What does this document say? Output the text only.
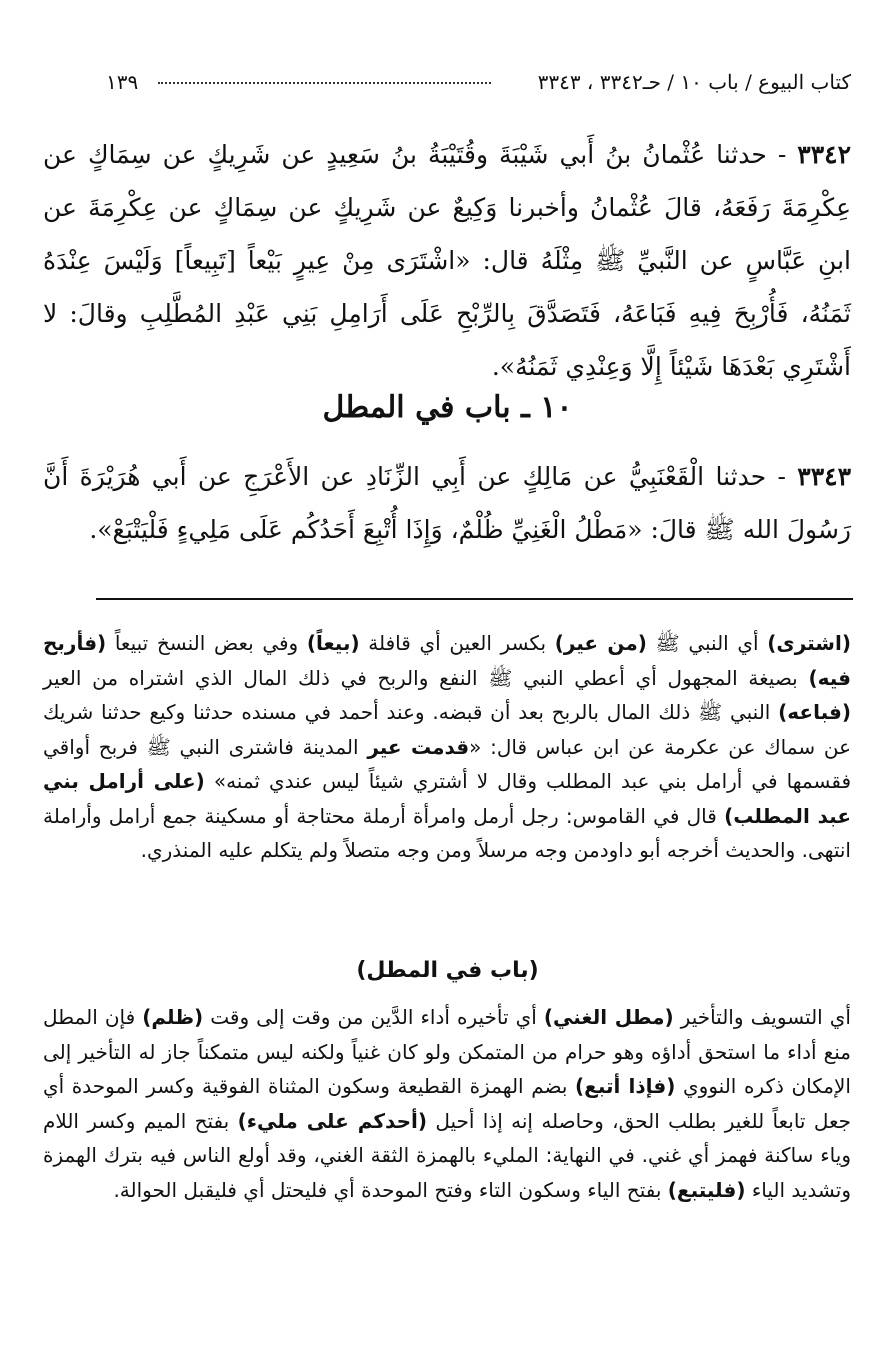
كتاب البيوع / باب ١٠ / حـ٣٣٤٢ ، ٣٣٤٣
١٣٩
٣٣٤٢ - حدثنا عُثْمانُ بنُ أَبي شَيْبَةَ وقُتَيْبَةُ بنُ سَعِيدٍ عن شَرِيكٍ عن سِمَاكٍ عن عِكْرِمَةَ رَفَعَهُ، قالَ عُثْمانُ وأخبرنا وَكِيعٌ عن شَرِيكٍ عن سِمَاكٍ عن عِكْرِمَةَ عن ابنِ عَبَّاسٍ عن النَّبيِّ ﷺ مِثْلَهُ قال: «اشْتَرَى مِنْ عِيرٍ بَيْعاً [تَبِيعاً] وَلَيْسَ عِنْدَهُ ثَمَنُهُ، فَأُرْبِحَ فِيهِ فَبَاعَهُ، فَتَصَدَّقَ بِالرِّبْحِ عَلَى أَرَامِلِ بَنِي عَبْدِ المُطَّلِبِ وقالَ: لا أَشْتَرِي بَعْدَهَا شَيْئاً إِلَّا وَعِنْدِي ثَمَنُهُ».
١٠ ـ باب في المطل
٣٣٤٣ - حدثنا الْقَعْنَبِيُّ عن مَالِكٍ عن أَبِي الزِّنَادِ عن الأَعْرَجِ عن أَبي هُرَيْرَةَ أَنَّ رَسُولَ الله ﷺ قالَ: «مَطْلُ الْغَنِيِّ ظُلْمٌ، وَإِذَا أُتْبِعَ أَحَدُكُم عَلَى مَلِيءٍ فَلْيَتْبَعْ».
(اشترى) أي النبي ﷺ (من عير) بكسر العين أي قافلة (بيعاً) وفي بعض النسخ تبيعاً (فأربح فيه) بصيغة المجهول أي أعطي النبي ﷺ النفع والربح في ذلك المال الذي اشتراه من العير (فباعه) النبي ﷺ ذلك المال بالربح بعد أن قبضه. وعند أحمد في مسنده حدثنا وكيع حدثنا شريك عن سماك عن عكرمة عن ابن عباس قال: «قدمت عير المدينة فاشترى النبي ﷺ فربح أواقي فقسمها في أرامل بني عبد المطلب وقال لا أشتري شيئاً ليس عندي ثمنه» (على أرامل بني عبد المطلب) قال في القاموس: رجل أرمل وامرأة أرملة محتاجة أو مسكينة جمع أرامل وأراملة انتهى. والحديث أخرجه أبو داودمن وجه مرسلاً ومن وجه متصلاً ولم يتكلم عليه المنذري.
(باب في المطل)
أي التسويف والتأخير (مطل الغني) أي تأخيره أداء الدَّين من وقت إلى وقت (ظلم) فإن المطل منع أداء ما استحق أداؤه وهو حرام من المتمكن ولو كان غنياً ولكنه ليس متمكناً جاز له التأخير إلى الإمكان ذكره النووي (فإذا أتبع) بضم الهمزة القطيعة وسكون المثناة الفوقية وكسر الموحدة أي جعل تابعاً للغير بطلب الحق، وحاصله إنه إذا أحيل (أحدكم على مليء) بفتح الميم وكسر اللام وياء ساكنة فهمز أي غني. في النهاية: المليء بالهمزة الثقة الغني، وقد أولع الناس فيه بترك الهمزة وتشديد الياء (فليتبع) بفتح الياء وسكون التاء وفتح الموحدة أي فليحتل أي فليقبل الحوالة.
